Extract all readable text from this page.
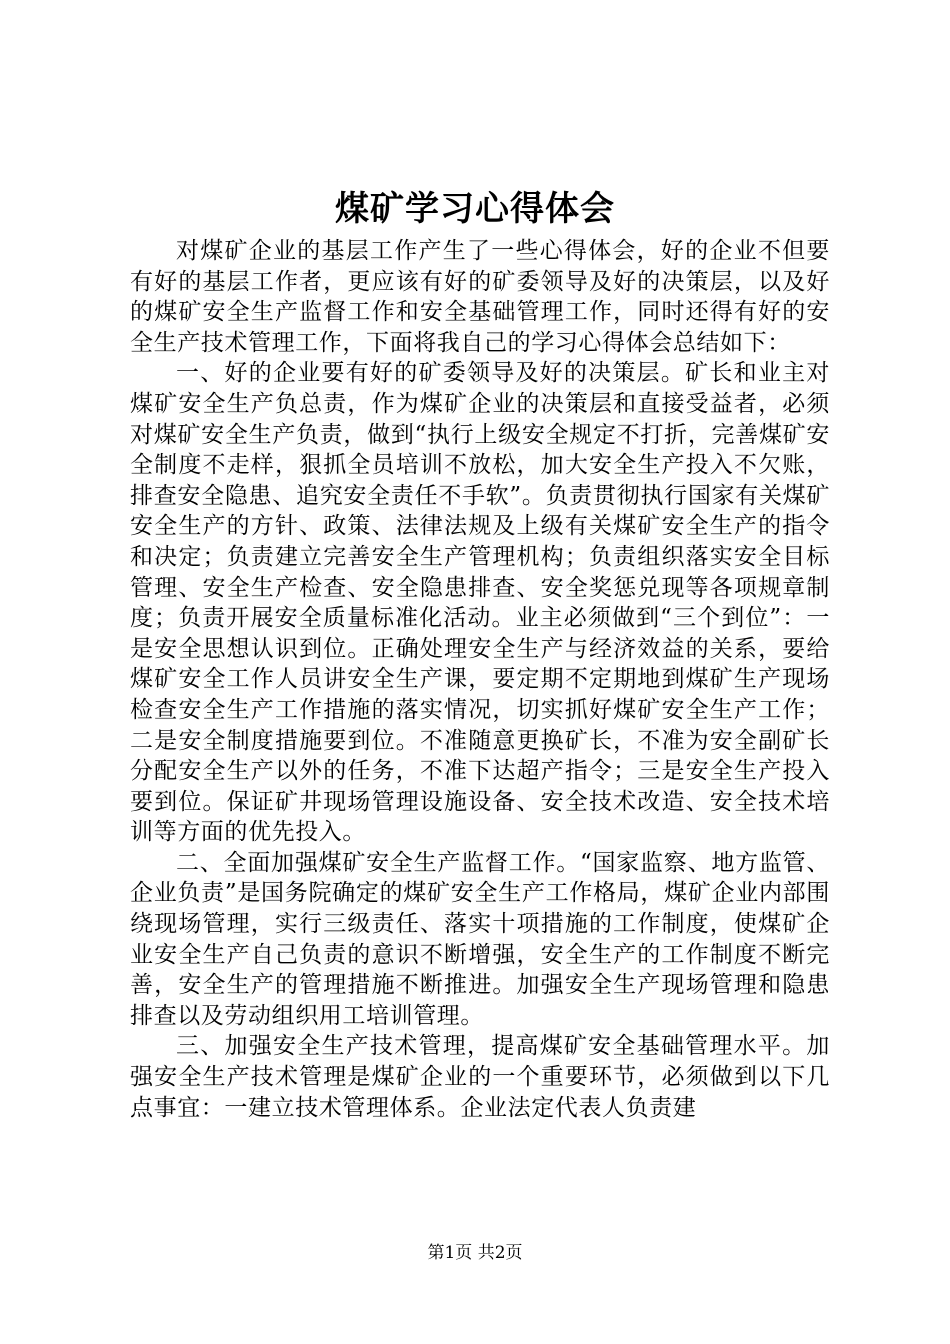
煤矿学习心得体会

对煤矿企业的基层工作产生了一些心得体会，好的企业不但要有好的基层工作者，更应该有好的矿委领导及好的决策层，以及好的煤矿安全生产监督工作和安全基础管理工作，同时还得有好的安全生产技术管理工作，下面将我自己的学习心得体会总结如下：

一、好的企业要有好的矿委领导及好的决策层。矿长和业主对煤矿安全生产负总责，作为煤矿企业的决策层和直接受益者，必须对煤矿安全生产负责，做到“执行上级安全规定不打折，完善煤矿安全制度不走样，狠抓全员培训不放松，加大安全生产投入不欠账，排查安全隐患、追究安全责任不手软”。负责贯彻执行国家有关煤矿安全生产的方针、政策、法律法规及上级有关煤矿安全生产的指令和决定；负责建立完善安全生产管理机构；负责组织落实安全目标管理、安全生产检查、安全隐患排查、安全奖惩兑现等各项规章制度；负责开展安全质量标准化活动。业主必须做到“三个到位”：一是安全思想认识到位。正确处理安全生产与经济效益的关系，要给煤矿安全工作人员讲安全生产课，要定期不定期地到煤矿生产现场检查安全生产工作措施的落实情况，切实抓好煤矿安全生产工作；二是安全制度措施要到位。不准随意更换矿长，不准为安全副矿长分配安全生产以外的任务，不准下达超产指令；三是安全生产投入要到位。保证矿井现场管理设施设备、安全技术改造、安全技术培训等方面的优先投入。

二、全面加强煤矿安全生产监督工作。“国家监察、地方监管、企业负责”是国务院确定的煤矿安全生产工作格局，煤矿企业内部围绕现场管理，实行三级责任、落实十项措施的工作制度，使煤矿企业安全生产自己负责的意识不断增强，安全生产的工作制度不断完善，安全生产的管理措施不断推进。加强安全生产现场管理和隐患排查以及劳动组织用工培训管理。

三、加强安全生产技术管理，提高煤矿安全基础管理水平。加强安全生产技术管理是煤矿企业的一个重要环节，必须做到以下几点事宜：一建立技术管理体系。企业法定代表人负责建

第1页 共2页
